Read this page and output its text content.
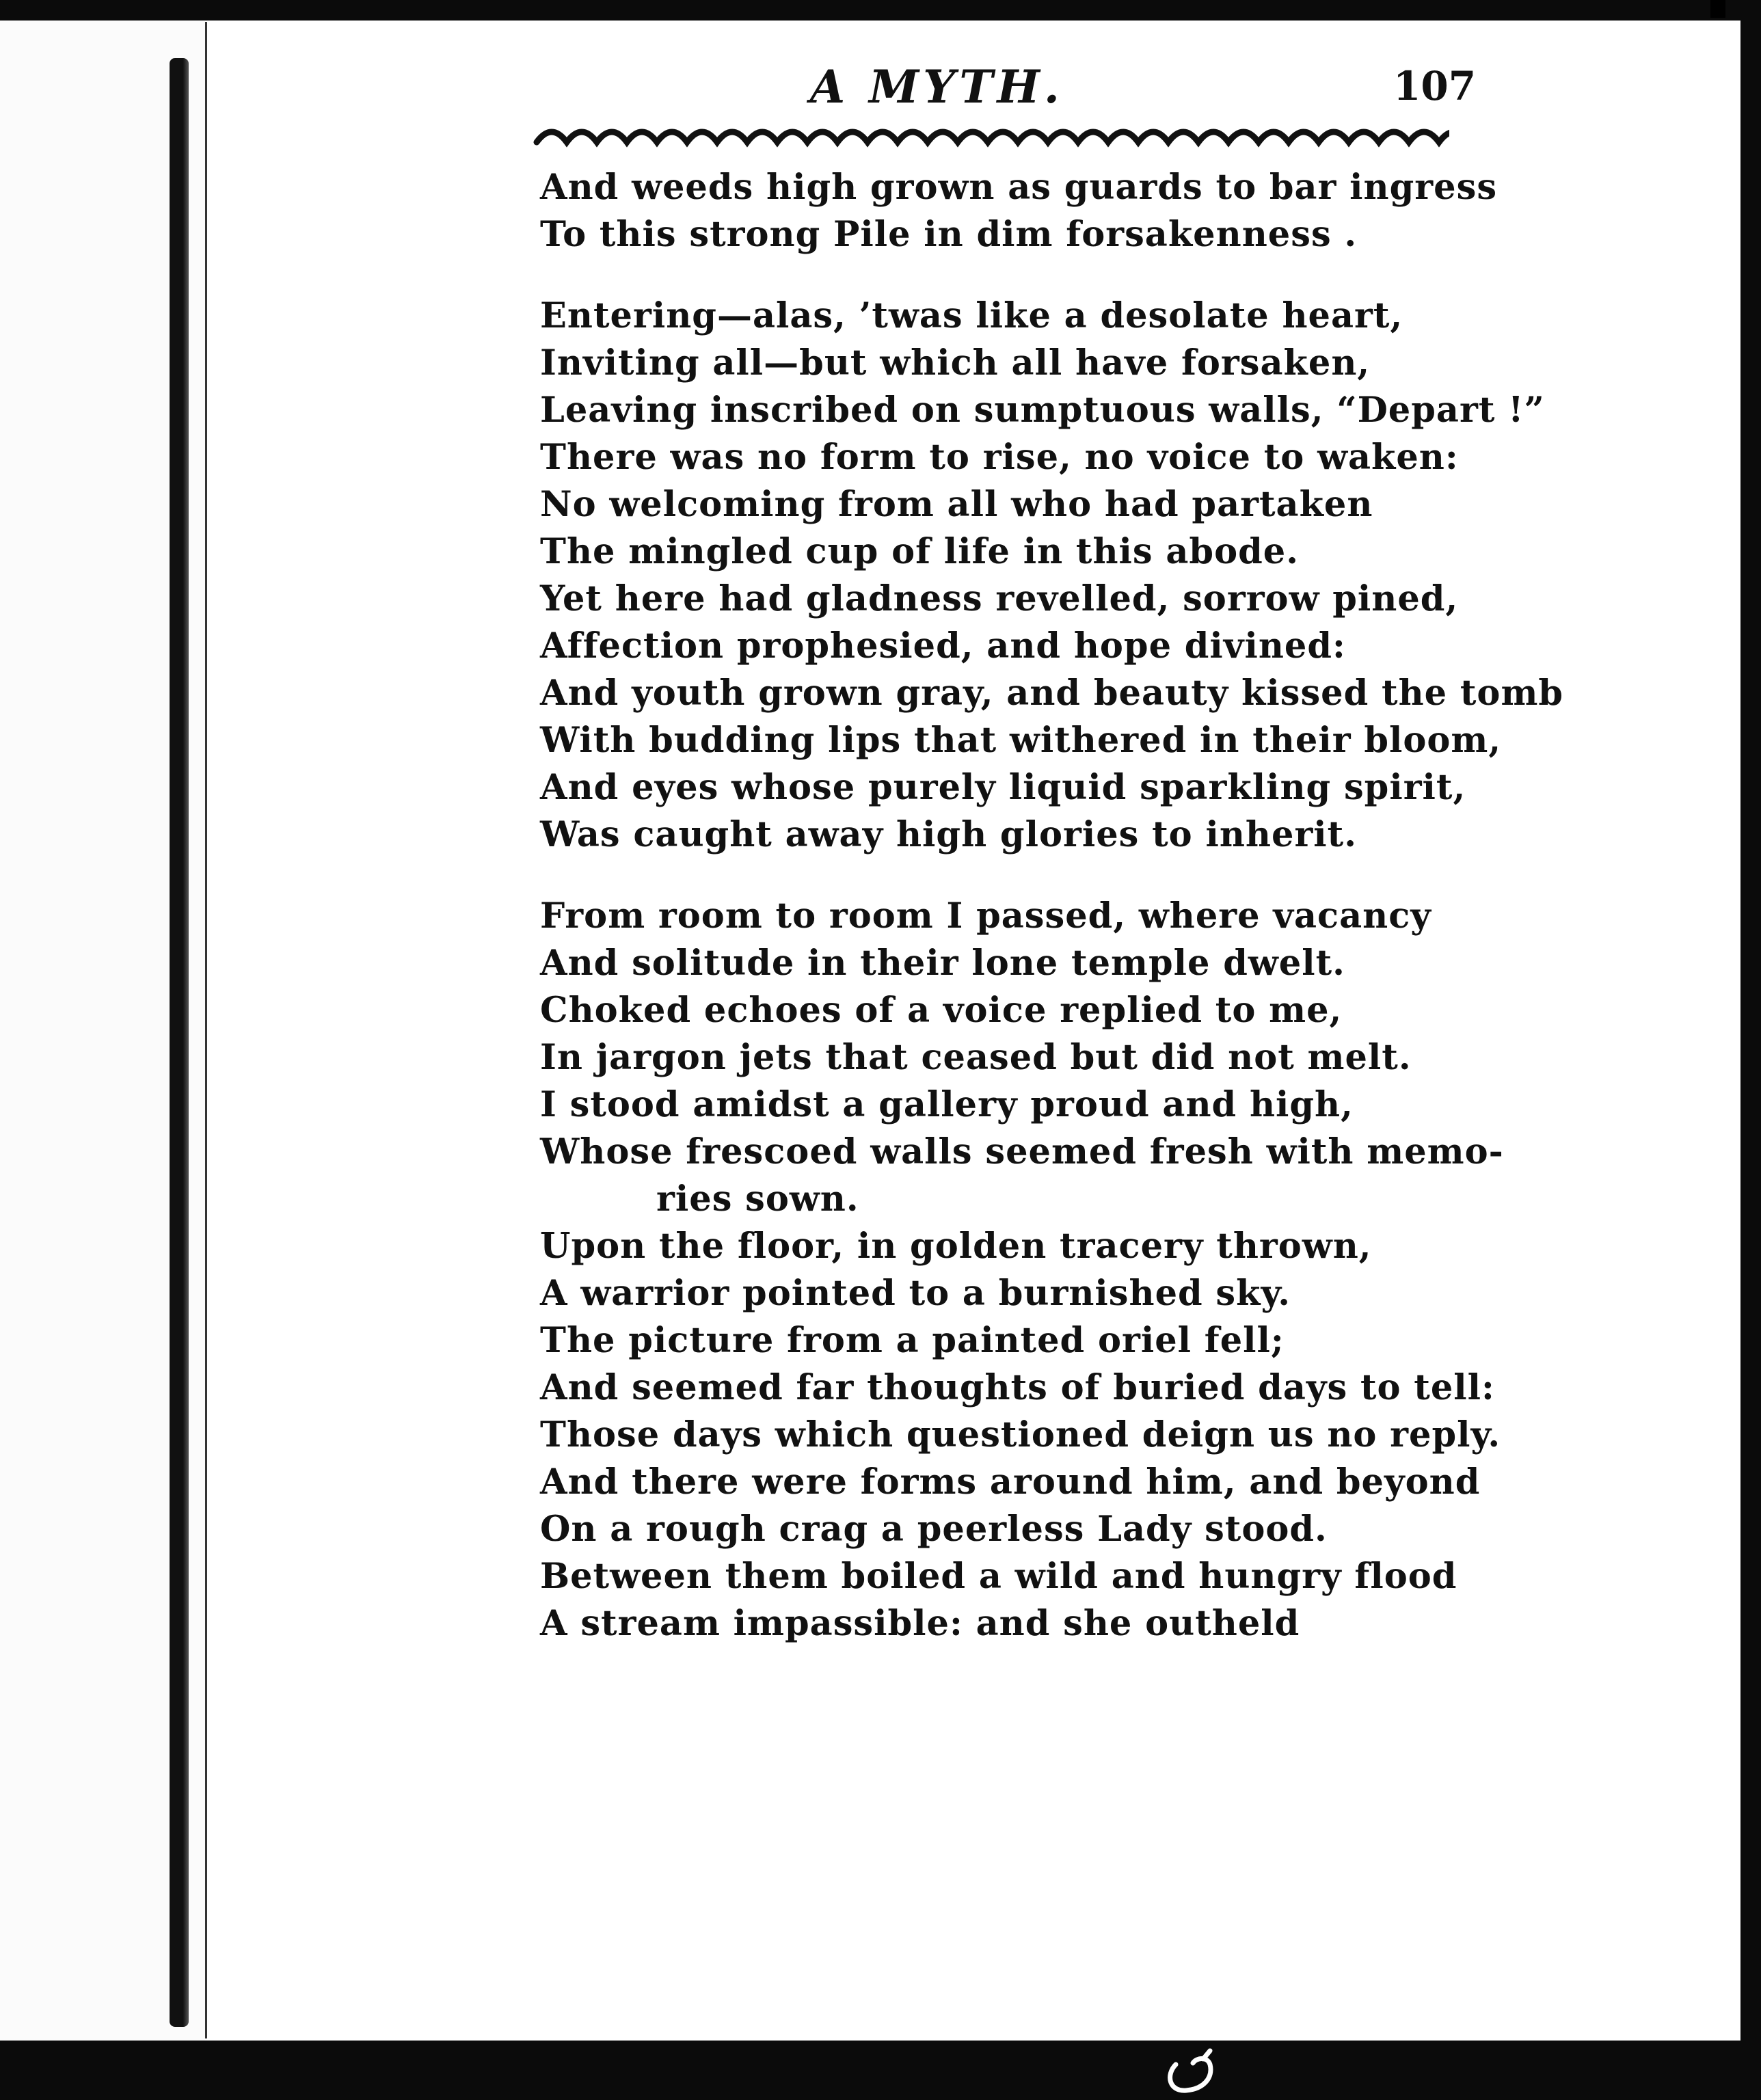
A MYTH.	107
And weeds high grown as guards to bar ingress
To this strong Pile in dim forsakenness .
Entering—alas, ’twas like a desolate heart,
Inviting all—but which all have forsaken,
Leaving inscribed on sumptuous walls, “Depart !”
There was no form to rise, no voice to waken:
No welcoming from all who had partaken
The mingled cup of life in this abode.
Yet here had gladness revelled, sorrow pined,
Affection prophesied, and hope divined:
And youth grown gray, and beauty kissed the tomb
With budding lips that withered in their bloom,
And eyes whose purely liquid sparkling spirit,
Was caught away high glories to inherit.
From room to room I passed, where vacancy
And solitude in their lone temple dwelt.
Choked echoes of a voice replied to me,
In jargon jets that ceased but did not melt.
I stood amidst a gallery proud and high,
Whose frescoed walls seemed fresh with memo-
ries sown.
Upon the floor, in golden tracery thrown,
A warrior pointed to a burnished sky.
The picture from a painted oriel fell;
And seemed far thoughts of buried days to tell:
Those days which questioned deign us no reply.
And there were forms around him, and beyond
On a rough crag a peerless Lady stood.
Between them boiled a wild and hungry flood
A stream impassible: and she outheld
